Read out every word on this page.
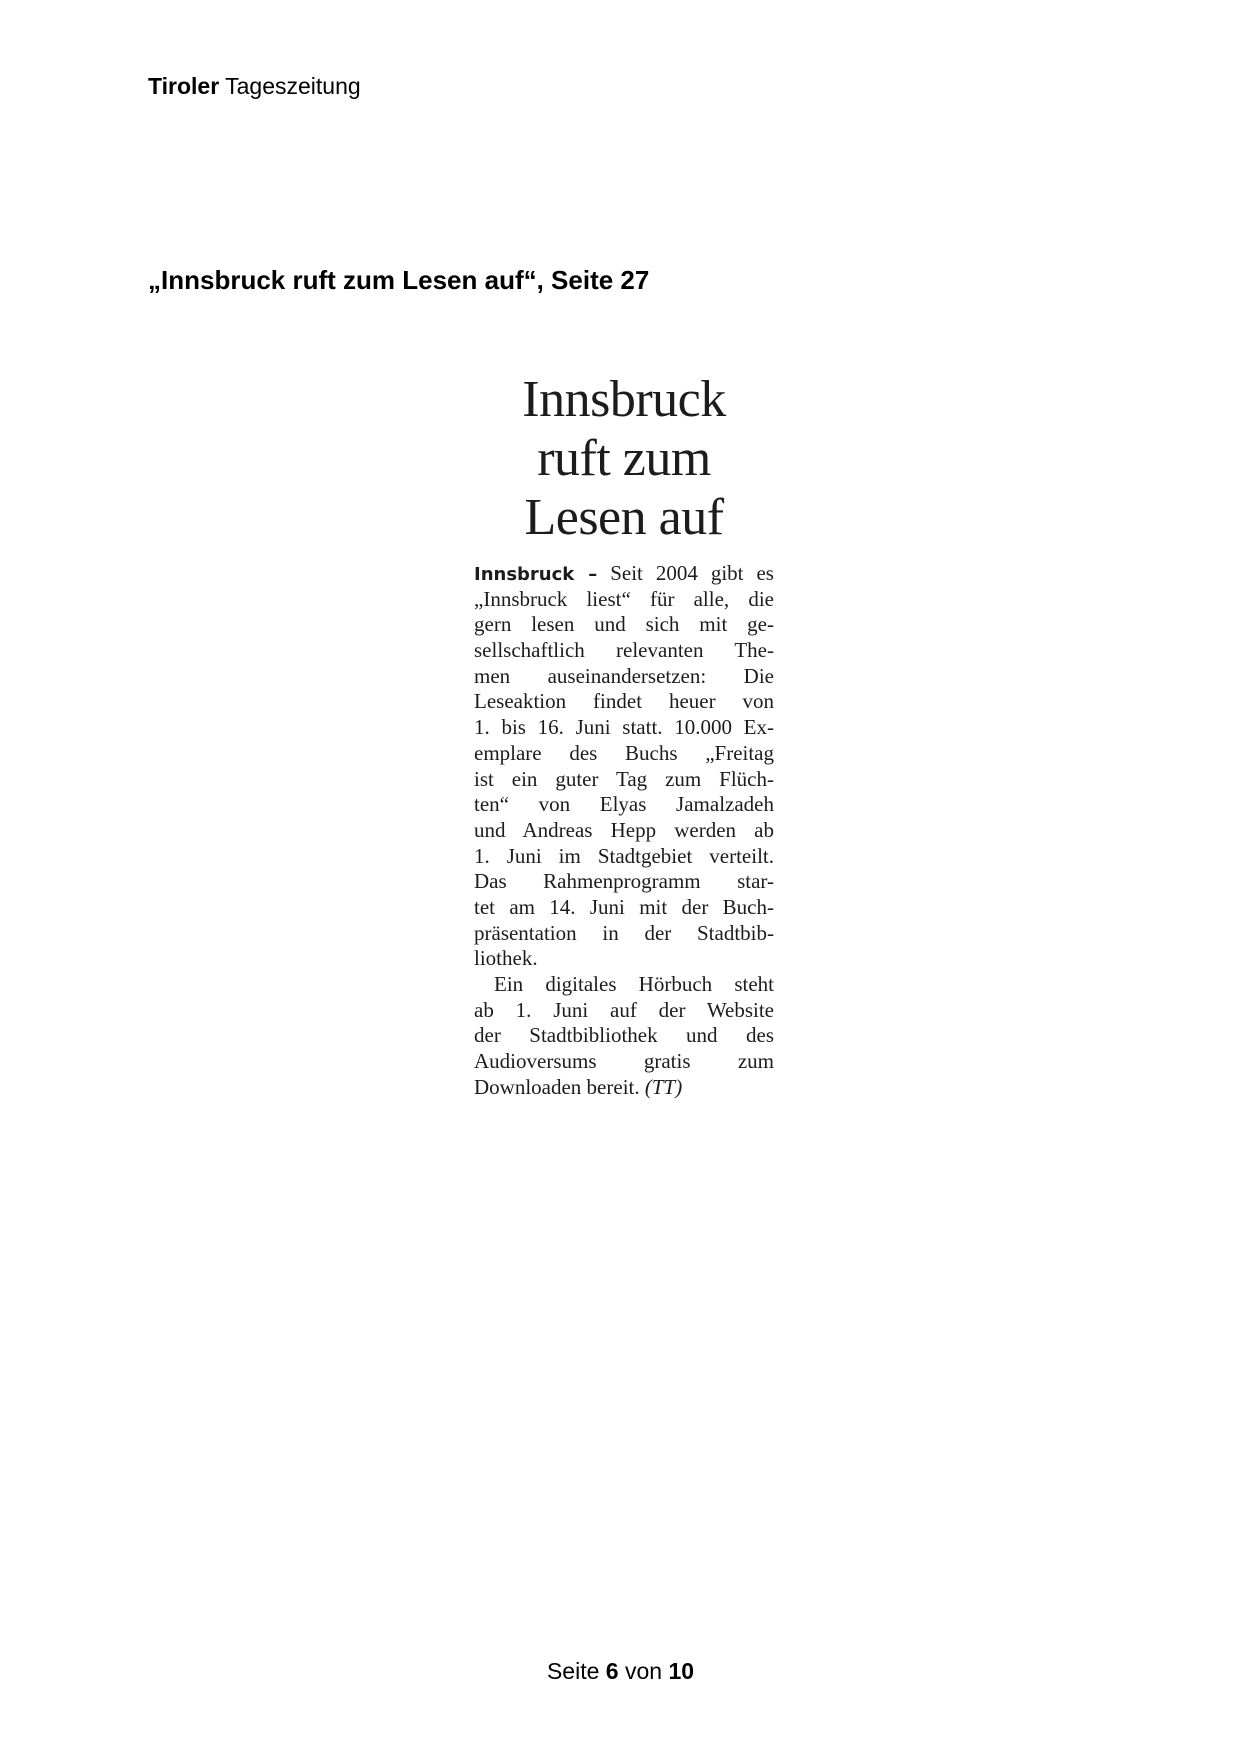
Tiroler Tageszeitung
„Innsbruck ruft zum Lesen auf“, Seite 27
Innsbruck
ruft zum
Lesen auf
Innsbruck – Seit 2004 gibt es
„Innsbruck liest“ für alle, die
gern lesen und sich mit ge-
sellschaftlich relevanten The-
men auseinandersetzen: Die
Leseaktion findet heuer von
1. bis 16. Juni statt. 10.000 Ex-
emplare des Buchs „Freitag
ist ein guter Tag zum Flüch-
ten“ von Elyas Jamalzadeh
und Andreas Hepp werden ab
1. Juni im Stadtgebiet verteilt.
Das Rahmenprogramm star-
tet am 14. Juni mit der Buch-
präsentation in der Stadtbib-
liothek.
Ein digitales Hörbuch steht
ab 1. Juni auf der Website
der Stadtbibliothek und des
Audioversums gratis zum
Downloaden bereit. (TT)
Seite 6 von 10
